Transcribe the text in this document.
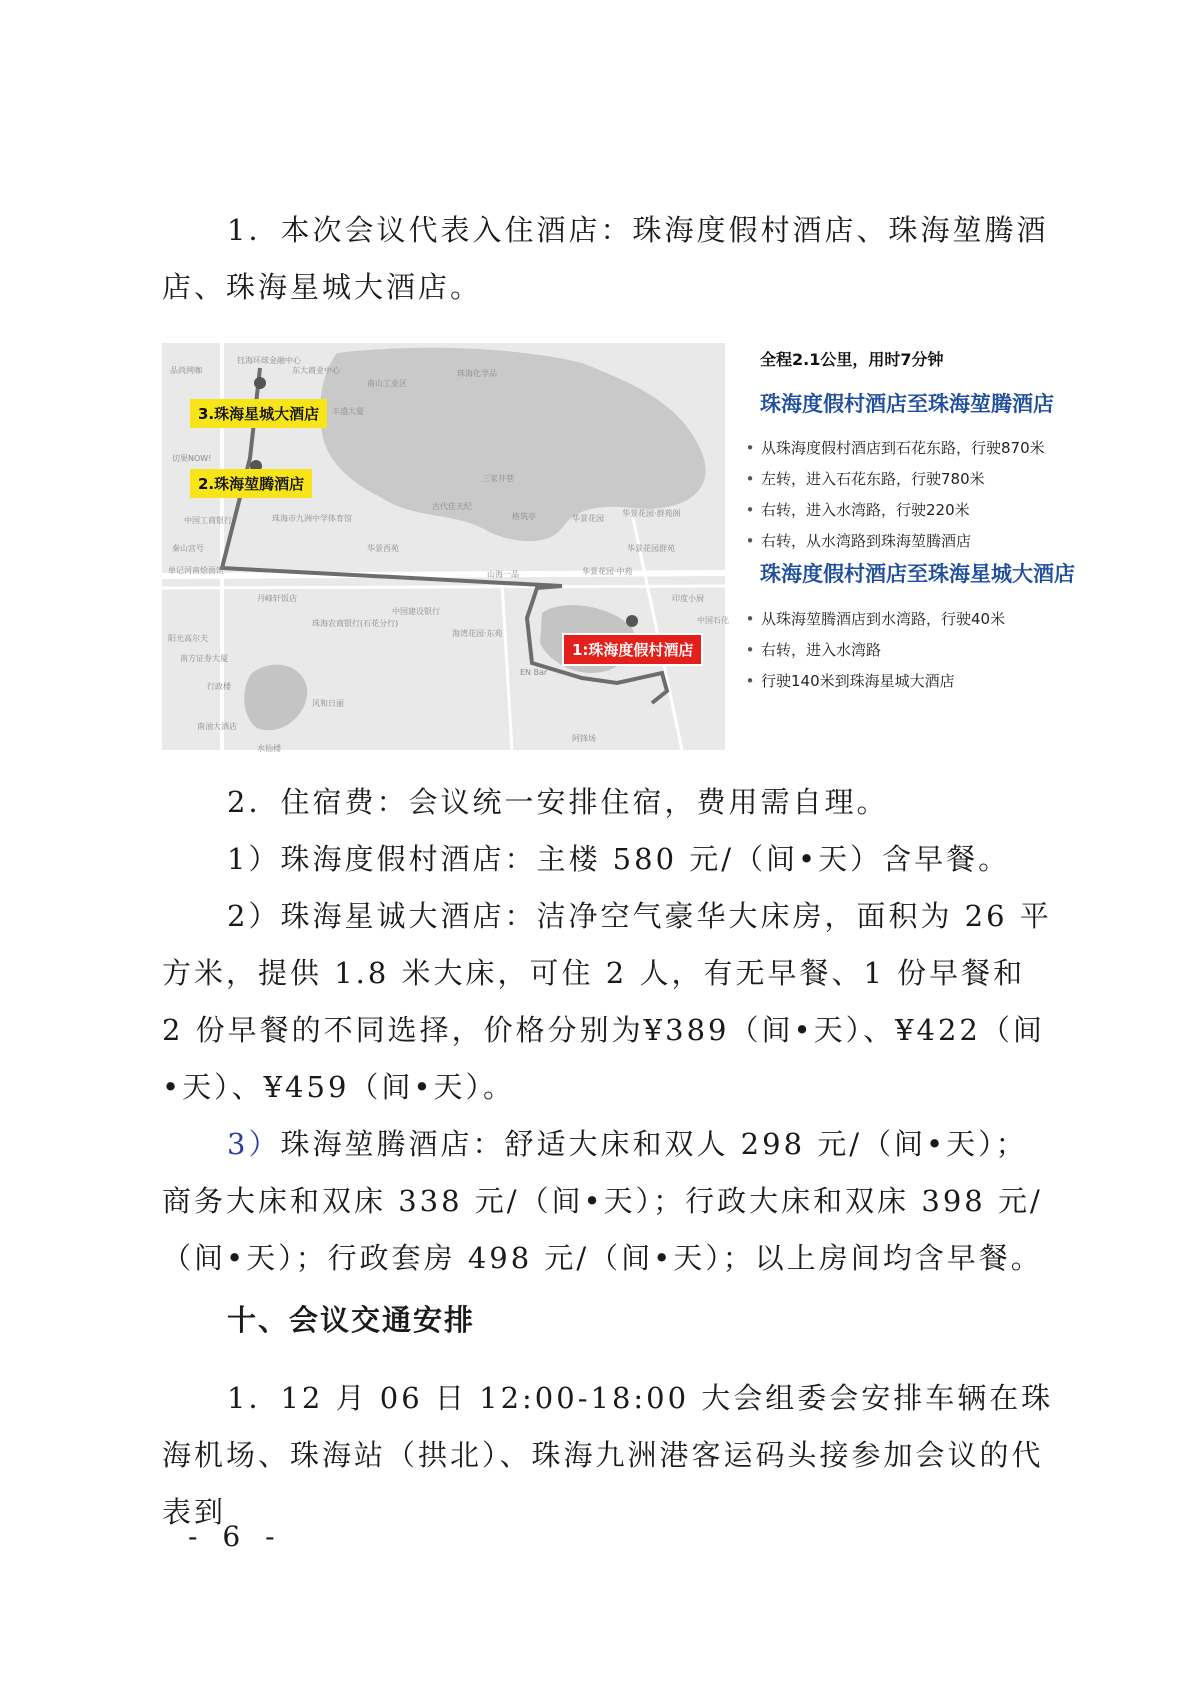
1．本次会议代表入住酒店：珠海度假村酒店、珠海堃腾酒店、珠海星城大酒店。

3.珠海星城大酒店
2.珠海堃腾酒店
1:珠海度假村酒店
品尚网咖
钰海环球金融中心
东大商业中心
南山工业区
珠海化学品
丰盛大厦
三家井巷
切果NOW!
中国工商银行
秦山宫号
华景花园
华景花园·群苑阁
华景花园群苑
古代佳天纪
格筑亭
山海一品	华景花园·中苑
华景西苑
珠海市九洲中学体育馆
单记河南烩面馆
丹峰轩饭店
中国建设银行
珠海农商银行(石花分行)
海湾花园·东苑
阳光高尔夫
南方证券大厦
行政楼
风和日丽
南油大酒店
水仙楼
印度小厨
中国石化
EN Bar
阿锋场
全程2.1公里，用时7分钟
珠海度假村酒店至珠海堃腾酒店
• 从珠海度假村酒店到石花东路，行驶870米
• 左转，进入石花东路，行驶780米
• 右转，进入水湾路，行驶220米
• 右转，从水湾路到珠海堃腾酒店
珠海度假村酒店至珠海星城大酒店
• 从珠海堃腾酒店到水湾路，行驶40米
• 右转，进入水湾路
• 行驶140米到珠海星城大酒店

2．住宿费：会议统一安排住宿，费用需自理。

1）珠海度假村酒店：主楼 580 元/（间•天）含早餐。

2）珠海星诚大酒店：洁净空气豪华大床房，面积为 26 平方米，提供 1.8 米大床，可住 2 人，有无早餐、1 份早餐和 2 份早餐的不同选择，价格分别为¥389（间•天）、¥422（间•天）、¥459（间•天）。

3）珠海堃腾酒店：舒适大床和双人 298 元/（间•天）；商务大床和双床 338 元/（间•天）；行政大床和双床 398 元/（间•天）；行政套房 498 元/（间•天）；以上房间均含早餐。

十、会议交通安排

1．12 月 06 日 12:00-18:00 大会组委会安排车辆在珠海机场、珠海站（拱北）、珠海九洲港客运码头接参加会议的代表到

- 6 -
